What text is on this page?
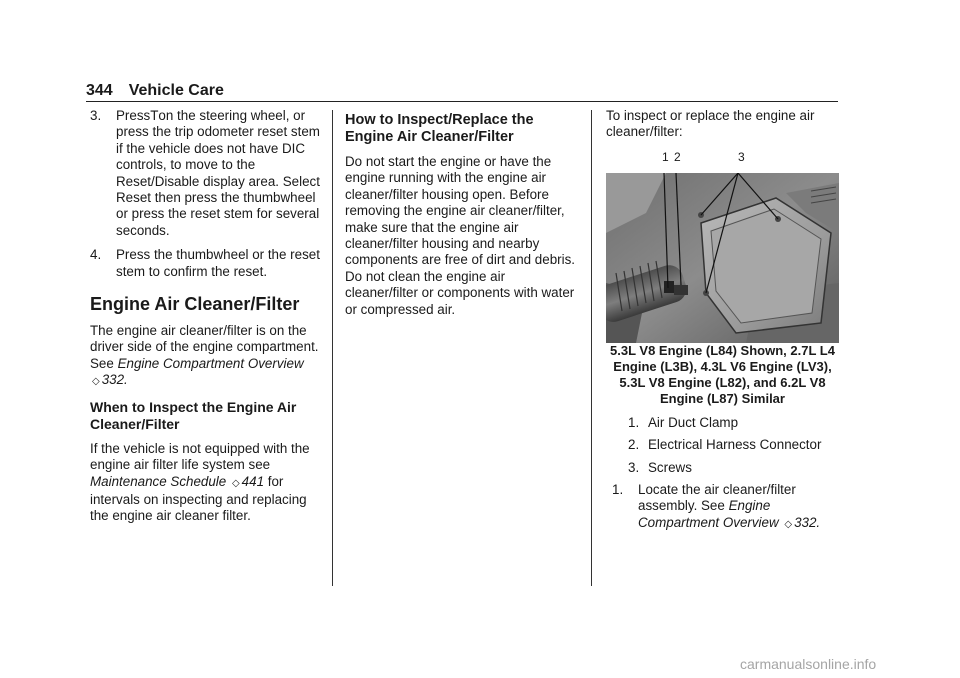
344 Vehicle Care
3. PressTon the steering wheel, or press the trip odometer reset stem if the vehicle does not have DIC controls, to move to the Reset/Disable display area. Select Reset then press the thumbwheel or press the reset stem for several seconds.
4. Press the thumbwheel or the reset stem to confirm the reset.
Engine Air Cleaner/Filter

The engine air cleaner/filter is on the driver side of the engine compartment. See Engine Compartment Overview ◇ 332.

When to Inspect the Engine Air Cleaner/Filter

If the vehicle is not equipped with the engine air filter life system see Maintenance Schedule ◇ 441 for intervals on inspecting and replacing the engine air cleaner filter.

How to Inspect/Replace the Engine Air Cleaner/Filter

Do not start the engine or have the engine running with the engine air cleaner/filter housing open. Before removing the engine air cleaner/filter, make sure that the engine air cleaner/filter housing and nearby components are free of dirt and debris. Do not clean the engine air cleaner/filter or components with water or compressed air.

To inspect or replace the engine air cleaner/filter:

1 2	3

5.3L V8 Engine (L84) Shown, 2.7L L4 Engine (L3B), 4.3L V6 Engine (LV3), 5.3L V8 Engine (L82), and 6.2L V8 Engine (L87) Similar

1. Air Duct Clamp
2. Electrical Harness Connector
3. Screws
1. Locate the air cleaner/filter assembly. See Engine Compartment Overview ◇ 332.
carmanualsonline.info
